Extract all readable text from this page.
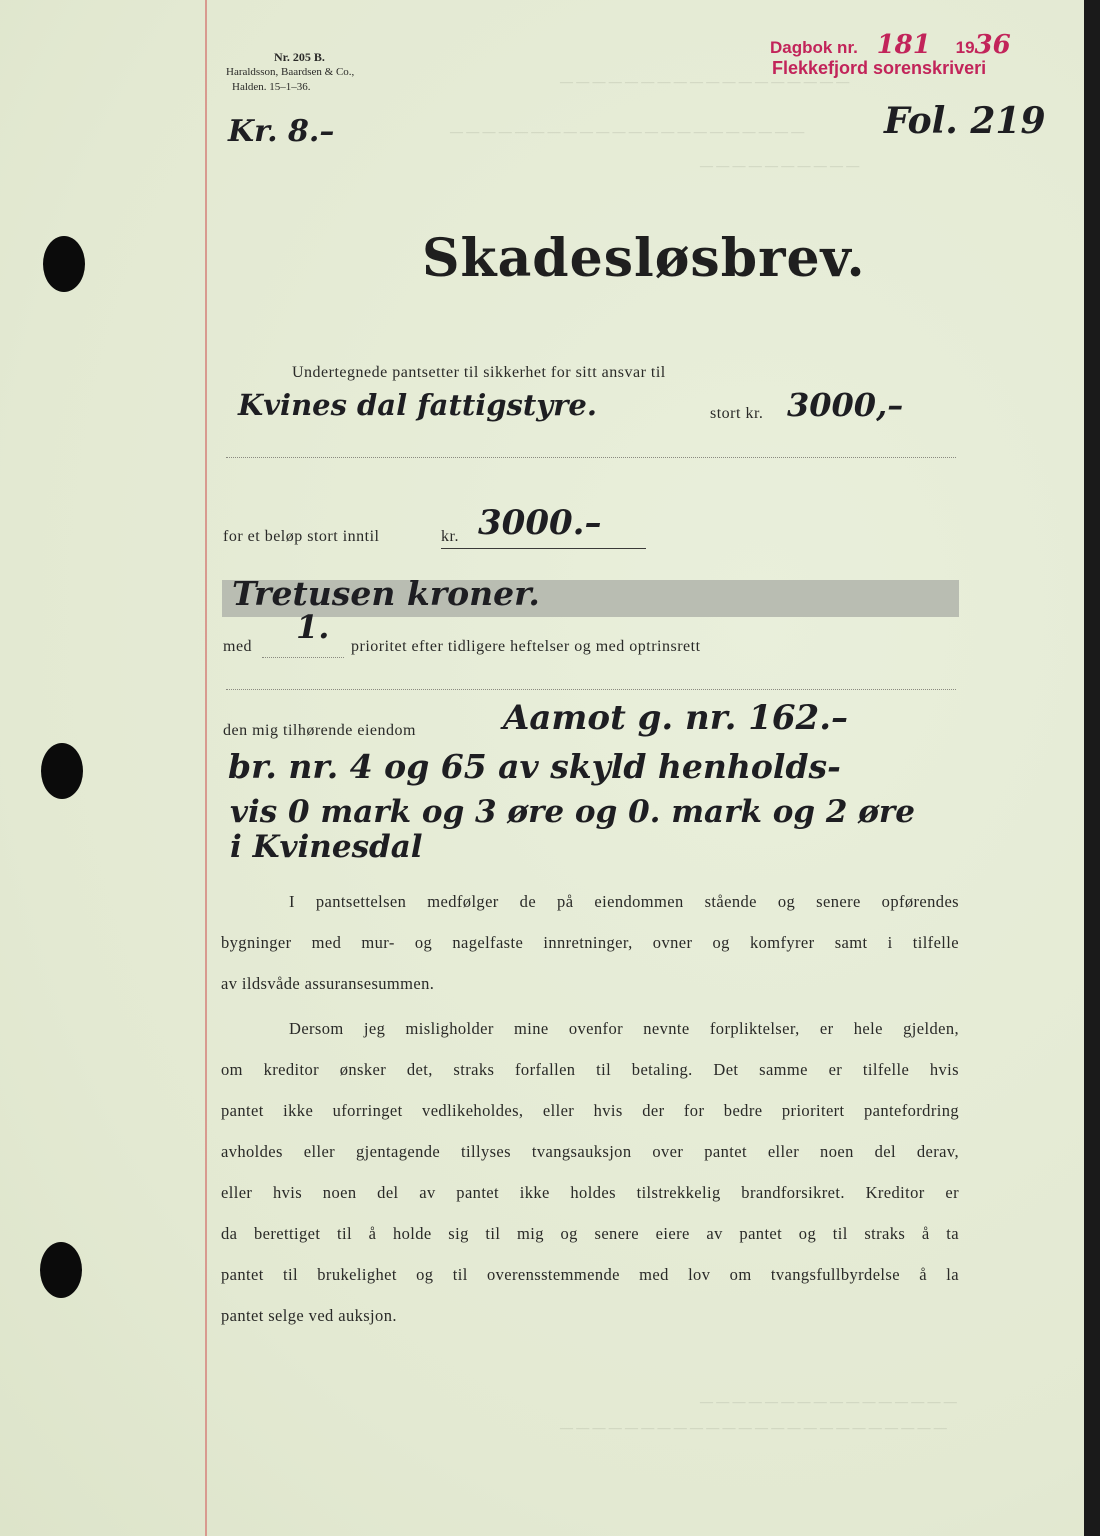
— — — — — — — — — — — — — — — — — —
— — — — — — — — — — — — — — — — — — — — — —
— — — — — — — — — —
— — — — — — — — — — — — — — — —
— — — — — — — — — — — — — — — — — — — — — — — —
Nr. 205 B.
Haraldsson, Baardsen & Co.,
Halden. 15–1–36.
Dagbok nr. 181 1936
Flekkefjord sorenskriveri
Kr. 8.–	Fol. 219
Skadesløsbrev.
Undertegnede pantsetter til sikkerhet for sitt ansvar til
Kvines dal fattigstyre.	stort kr. 3000,–
for et beløp stort inntil	kr. 3000.–
Tretusen kroner.
med
1.
prioritet efter tidligere heftelser og med optrinsrett
den mig tilhørende eiendom	Aamot g. nr. 162.–
br. nr. 4 og 65 av skyld henholds-
vis 0 mark og 3 øre og 0. mark og 2 øre
i Kvinesdal
I pantsettelsen medfølger de på eiendommen stående og senere opførendes
bygninger med mur- og nagelfaste innretninger, ovner og komfyrer samt i tilfelle
av ildsvåde assuransesummen.
Dersom jeg misligholder mine ovenfor nevnte forpliktelser, er hele gjelden,
om kreditor ønsker det, straks forfallen til betaling. Det samme er tilfelle hvis
pantet ikke uforringet vedlikeholdes, eller hvis der for bedre prioritert pantefordring
avholdes eller gjentagende tillyses tvangsauksjon over pantet eller noen del derav,
eller hvis noen del av pantet ikke holdes tilstrekkelig brandforsikret. Kreditor er
da berettiget til å holde sig til mig og senere eiere av pantet og til straks å ta
pantet til brukelighet og til overensstemmende med lov om tvangsfullbyrdelse å la
pantet selge ved auksjon.
